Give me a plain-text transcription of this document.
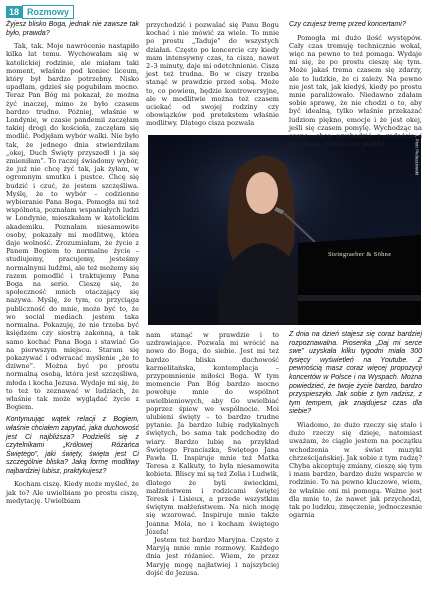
18 Rozmowy

Żyjesz blisko Boga, jednak nie zawsze tak było, prawda?

Tak, tak. Moje nawrócenie nastąpiło kilka lat temu. Wychowałam się w katolickiej rodzinie, ale miałam taki moment, właśnie pod koniec liceum, który był bardzo potrzebny. Nisko upadłam, gdzieś się pogubiłam mocno. Teraz Pan Bóg mi pokazał, że można żyć inaczej, mimo że było czasem bardzo trudno. Później, właśnie w Londynie, w czasie pandemii zaczęłam takiej drogi do kościoła, zaczęłam się modlić. Podjęłam wybór walki. Nie było tak, że jednego dnia stwierdziłam „okej, Duch Święty przyszedł i ja się zmieniłam”. To raczej świadomy wybór, że już nie chcę żyć tak, jak żyłam, w ogromnym smutku i pustce. Chcę się budzić i czuć, że jestem szczęśliwa. Myślę, że to wybór – codzienne wybieranie Pana Boga. Pomogła mi też wspólnota, poznałam wspaniałych ludzi w Londynie, mieszkałam w katolickim akademiku. Poznałam niesamowite osoby, pokazały mi modlitwę, która daje wolność. Zrozumiałam, że życie z Panem Bogiem to normalne życie – studiujemy, pracujemy, jesteśmy normalnymi ludźmi, ale też możemy się razem pomodlić i traktujemy Pana Boga na serio. Cieszę się, że społeczność mnich otaczający się nazywa. Myślę, że tym, co przyciąga publiczność do mnie, może być to, że wo social mediach jestem taka normalna. Pokazuję, że nie trzeba być księdzem czy siostrą zakonną, a tak samo kochać Pana Boga i stawiać Go na pierwszym miejscu. Staram się pokazywać i odwracać myślenie „że to dziwne”. Można być po prostu normalną osobą, która jest szczęśliwa, młoda i kocha Jezusa. Wydaje mi się, że to też to zeznawać w ludziach, że właśnie tak może wyglądać życie z Bogiem.

Kontynuując wątek relacji z Bogiem, właśnie chciałem zapytać, jaka duchowość jest Ci najbliższa? Podzieliś się z czytelnikami „Królowej Różańca Świętego”, jaki święty, święta jest Ci szczególnie bliska? Jaką formę modlitwy najbardziej lubisz, praktykujesz?

Kocham ciszę. Kiedy może myśleć, że jak to? Ale uwielbiam po prostu ciszę, medytację. Uwielbiam

przychodzić i pozwalać się Panu Bogu kochać i nie mówić za wiele. To mnie po prostu „Taduje” do wszystych działań. Często po koncercie czy kiedy mam intensywny czas, ta cisza, nawet 2–3 minuty, daje mi odetchnienie. Cisza jest też trudna. Bo w ciszy trzeba stanąć w prawdzie przed sobą. Może to, co powiem, będzie kontrowersyjne, ale w modlitwie można też czasem uciekać od swojej rodziny czy obowiązków pod pretekstem właśnie modlitwy. Dlatego cisza pozwala

Steingraeber & Söhne
Fot. Piotr Pielaszewski

nam stanąć w prawdzie i to uzdrawiające. Pozwala mi wrócić na nowo do Boga, do siebie. Jest mi też bardzo bliska duchowość karmelitańska, kontemplacja – przypomnienie miłości Boga. W tym momencie Pan Bóg bardzo mocno powołuje mnie do wspólnot uwielbieniowych, aby Go uwielbiać poprzez śpiew we wspólnocie. Moi ulubieni święty – to bardzo trudne pytanie. Ja bardzo lubię radykalnych świętych, bo sama tak podchodzę do wiary. Bardzo lubię na przykład Świętego Franciszka, Świętego Jana Pawła II. Inspiruje mnie też Matka Teresa z Kalkuty, to była niesamowita kobieta. Bliscy mi są też Zelia i Ludwik, dlatego że byli świeckimi, małżeństwem i rodzicami świętej Teresk i Lisieux, a przede wszystkim świętym małżeństwem. Na nich mogę się wzorować. Inspiruje mnie także Joanna Mola, no i kocham świętego Józefa!

Jestem też bardzo Maryjna. Często z Maryją mnie mnie rozmowy. Każdego dnia jest różaniec. Wiem, że przez Maryję mogę najłatwiej i najszybciej dojść do Jezusa.

Czy czujesz tremę przed koncertami?

Pomogła mi dużo ilość występów. Cały czas tremuję technicznie wokal, więc na pewno to też pomaga. Wydaje mi się, że po prostu cieszę się tym. Może jakaś trema czasem się zdarzy, ale to ludzkie, że ci zależy. Na pewno nie jest tak, jak kiedyś, kiedy po prostu mnie paraliżowało. Niedawno zdałam sobie sprawę, że nie chodzi o to, aby być idealną, tylko właśnie przekazać ludziom piękno, emocje i że jest okej, jeśli się czasem pomylę. Wychodząc na scenę, chcę wychodzić z radością i przekazać ludziom to piękno.

Z dnia na dzień stajesz się coraz bardziej rozpoznawalna. Piosenka „Daj mi serce swe” uzyskała kilku tygodni miała 300 tysięcy wyświetleń na Youtube. Z pewnością masz coraz więcej propozycji koncertów w Polsce i na Wyspach. Można powiedzieć, że twoje życie bardzo, bardzo przyspieszyło. Jak sobie z tym radzisz, z tym tempem, jak znajdujesz czas dla siebie?

Wiadomo, że dużo rzeczy się stało i dużo rzeczy się dzieje, natomiast uważam, że ciągle jestem na początku wchodzenia w świat muzyki chrześcijańskiej. Jak sobie z tym radzę? Chyba akceptuję zmiany, cieszę się tym i mam bardzo, bardzo duże wsparcie w rodzinie. To na pewno kluczowe, wiem, że właśnie oni mi pomogą. Ważne jest dla mnie to, że nawet jak przychodzi, tak po ludzku, zmęczenie, jednoczesnie ogarnia
